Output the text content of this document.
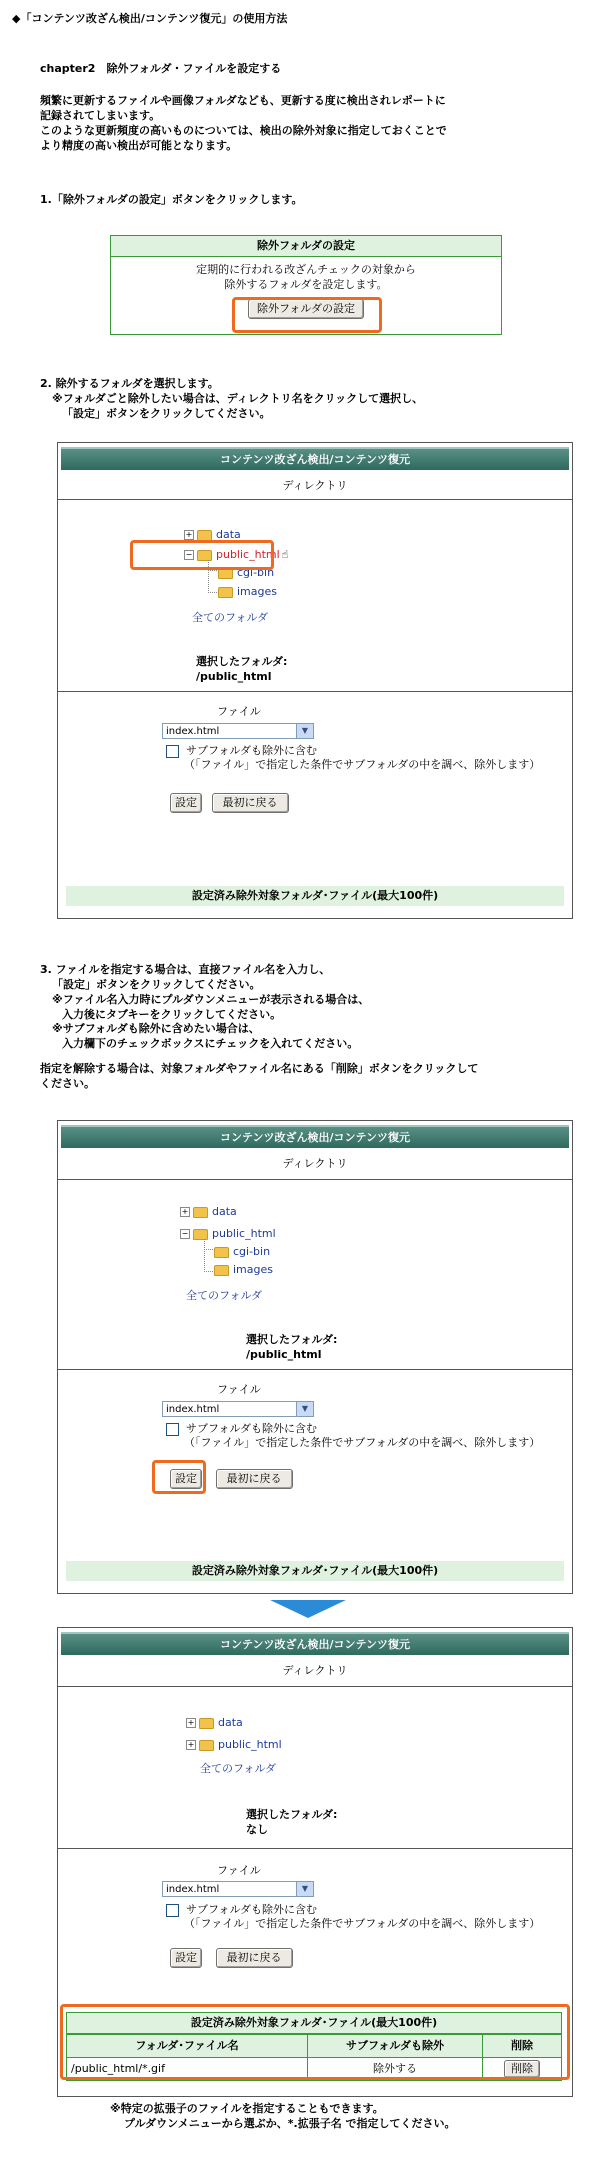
◆「コンテンツ改ざん検出/コンテンツ復元」の使用方法
chapter2　除外フォルダ・ファイルを設定する
頻繁に更新するファイルや画像フォルダなども、更新する度に検出されレポートに
記録されてしまいます。
このような更新頻度の高いものについては、検出の除外対象に指定しておくことで
より精度の高い検出が可能となります。
1.「除外フォルダの設定」ボタンをクリックします。
除外フォルダの設定
定期的に行われる改ざんチェックの対象から
除外するフォルダを設定します。
除外フォルダの設定
2. 除外するフォルダを選択します。
※フォルダごと除外したい場合は、ディレクトリ名をクリックして選択し、
「設定」ボタンをクリックしてください。
コンテンツ改ざん検出/コンテンツ復元
ディレクトリ
+ data
− public_html ☝
cgi-bin
images
全てのフォルダ
選択したフォルダ:
/public_html
ファイル
index.html	▼
サブフォルダも除外に含む
（「ファイル」で指定した条件でサブフォルダの中を調べ、除外します）
設定 最初に戻る
設定済み除外対象フォルダ･ファイル(最大100件)
3. ファイルを指定する場合は、直接ファイル名を入力し、
「設定」ボタンをクリックしてください。
※ファイル名入力時にプルダウンメニューが表示される場合は、
入力後にタブキーをクリックしてください。
※サブフォルダも除外に含めたい場合は、
入力欄下のチェックボックスにチェックを入れてください。
指定を解除する場合は、対象フォルダやファイル名にある「削除」ボタンをクリックして
ください。
コンテンツ改ざん検出/コンテンツ復元
ディレクトリ
+ data
− public_html
cgi-bin
images
全てのフォルダ
選択したフォルダ:
/public_html
ファイル
index.html	▼
サブフォルダも除外に含む
（「ファイル」で指定した条件でサブフォルダの中を調べ、除外します）
設定	最初に戻る
設定済み除外対象フォルダ･ファイル(最大100件)
コンテンツ改ざん検出/コンテンツ復元
ディレクトリ
+ data
+ public_html
全てのフォルダ
選択したフォルダ:
なし
ファイル
index.html	▼
サブフォルダも除外に含む
（「ファイル」で指定した条件でサブフォルダの中を調べ、除外します）
設定	最初に戻る
設定済み除外対象フォルダ･ファイル(最大100件)
フォルダ･ファイル名	サブフォルダも除外	削除
/public_html/*.gif	除外する	削除
※特定の拡張子のファイルを指定することもできます。
プルダウンメニューから選ぶか、*.拡張子名 で指定してください。
